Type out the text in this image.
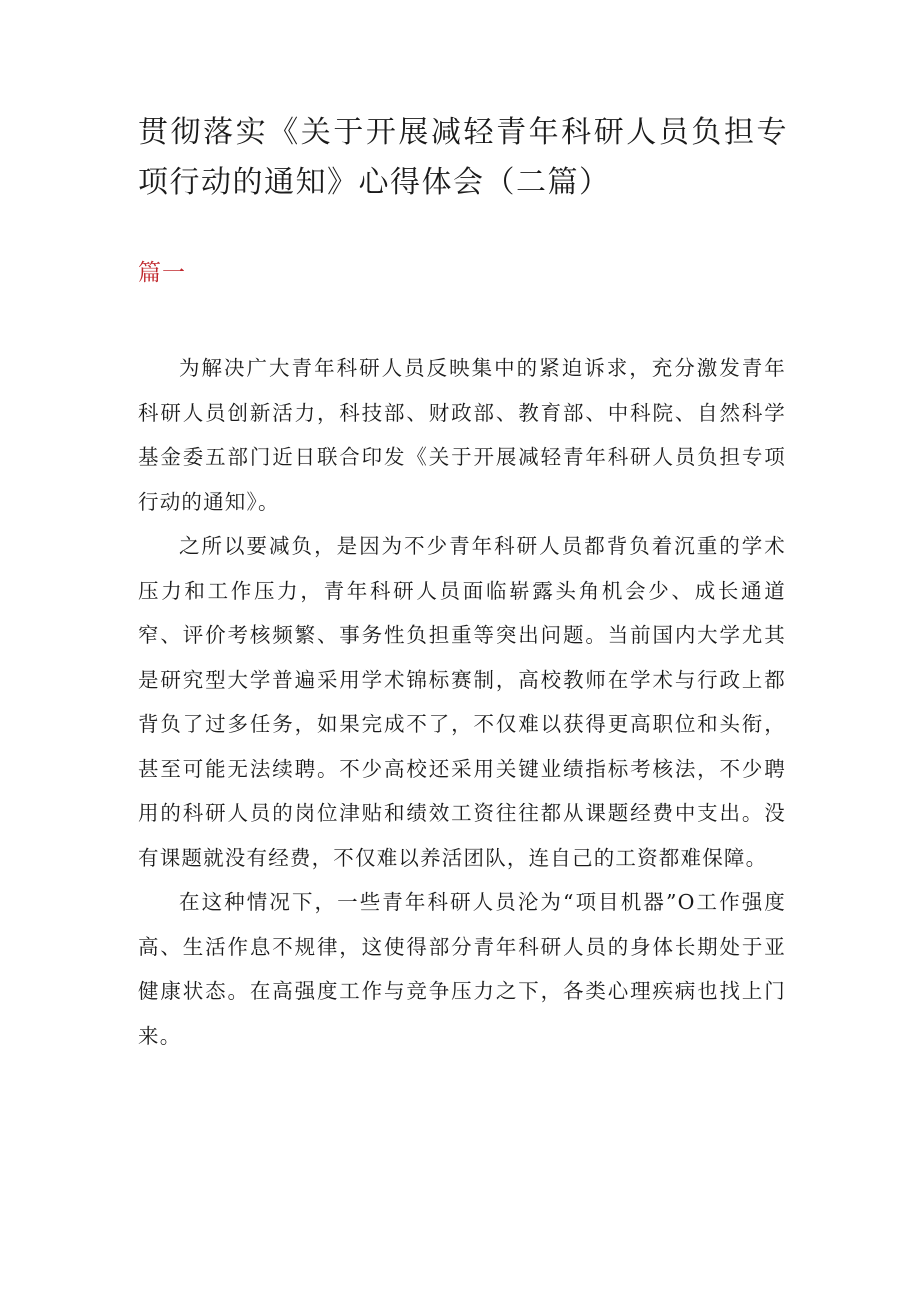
贯彻落实《关于开展减轻青年科研人员负担专项行动的通知》心得体会（二篇）
篇一

为解决广大青年科研人员反映集中的紧迫诉求，充分激发青年科研人员创新活力，科技部、财政部、教育部、中科院、自然科学基金委五部门近日联合印发《关于开展减轻青年科研人员负担专项行动的通知》。

之所以要减负，是因为不少青年科研人员都背负着沉重的学术压力和工作压力，青年科研人员面临崭露头角机会少、成长通道窄、评价考核频繁、事务性负担重等突出问题。当前国内大学尤其是研究型大学普遍采用学术锦标赛制，高校教师在学术与行政上都背负了过多任务，如果完成不了，不仅难以获得更高职位和头衔，甚至可能无法续聘。不少高校还采用关键业绩指标考核法，不少聘用的科研人员的岗位津贴和绩效工资往往都从课题经费中支出。没有课题就没有经费，不仅难以养活团队，连自己的工资都难保障。

在这种情况下，一些青年科研人员沦为“项目机器”O工作强度高、生活作息不规律，这使得部分青年科研人员的身体长期处于亚健康状态。在高强度工作与竞争压力之下，各类心理疾病也找上门来。
